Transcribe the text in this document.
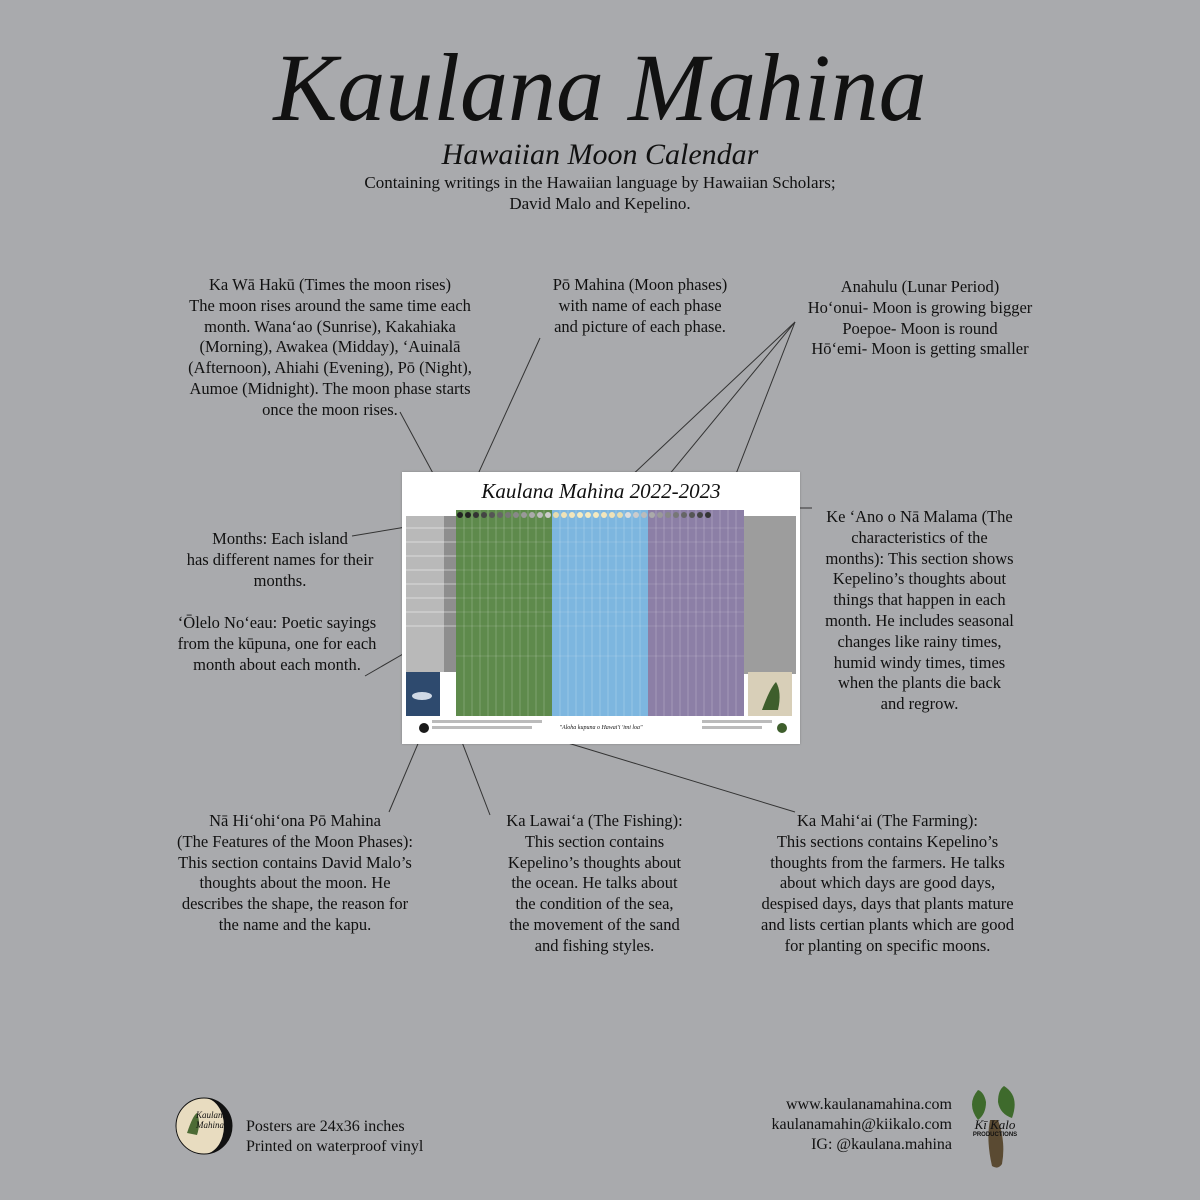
Kaulana Mahina
Hawaiian Moon Calendar
Containing writings in the Hawaiian language by Hawaiian Scholars;
David Malo and Kepelino.
Kaulana Mahina 2022-2023
"Aloha kupuna o Hawai'i 'imi loa"
Ka Wā Hakū (Times the moon rises)
The moon rises around the same time each
month. Wana‘ao (Sunrise), Kakahiaka
(Morning), Awakea (Midday), ‘Auinalā
(Afternoon), Ahiahi (Evening), Pō (Night),
Aumoe (Midnight). The moon phase starts
once the moon rises.
Pō Mahina (Moon phases)
with name of each phase
and picture of each phase.
Anahulu (Lunar Period)
Ho‘onui- Moon is growing bigger
Poepoe- Moon is round
Hō‘emi- Moon is getting smaller
Months: Each island
has different names for their
months.
‘Ōlelo No‘eau: Poetic sayings
from the kūpuna, one for each
month about each month.
Ke ‘Ano o Nā Malama (The
characteristics of the
months): This section shows
Kepelino’s thoughts about
things that happen in each
month. He includes seasonal
changes like rainy times,
humid windy times, times
when the plants die back
and regrow.
Nā Hi‘ohi‘ona Pō Mahina
(The Features of the Moon Phases):
This section contains David Malo’s
thoughts about the moon. He
describes the shape, the reason for
the name and the kapu.
Ka Lawai‘a (The Fishing):
This section contains
Kepelino’s thoughts about
the ocean. He talks about
the condition of the sea,
the movement of the sand
and fishing styles.
Ka Mahi‘ai (The Farming):
This sections contains Kepelino’s
thoughts from the farmers. He talks
about which days are good days,
despised days, days that plants mature
and lists certian plants which are good
for planting on specific moons.
Kaulana Mahina	Posters are 24x36 inches
Printed on waterproof vinyl
www.kaulanamahina.com
kaulanamahin@kiikalo.com
IG: @kaulana.mahina
Kī Kalo
PRODUCTIONS
